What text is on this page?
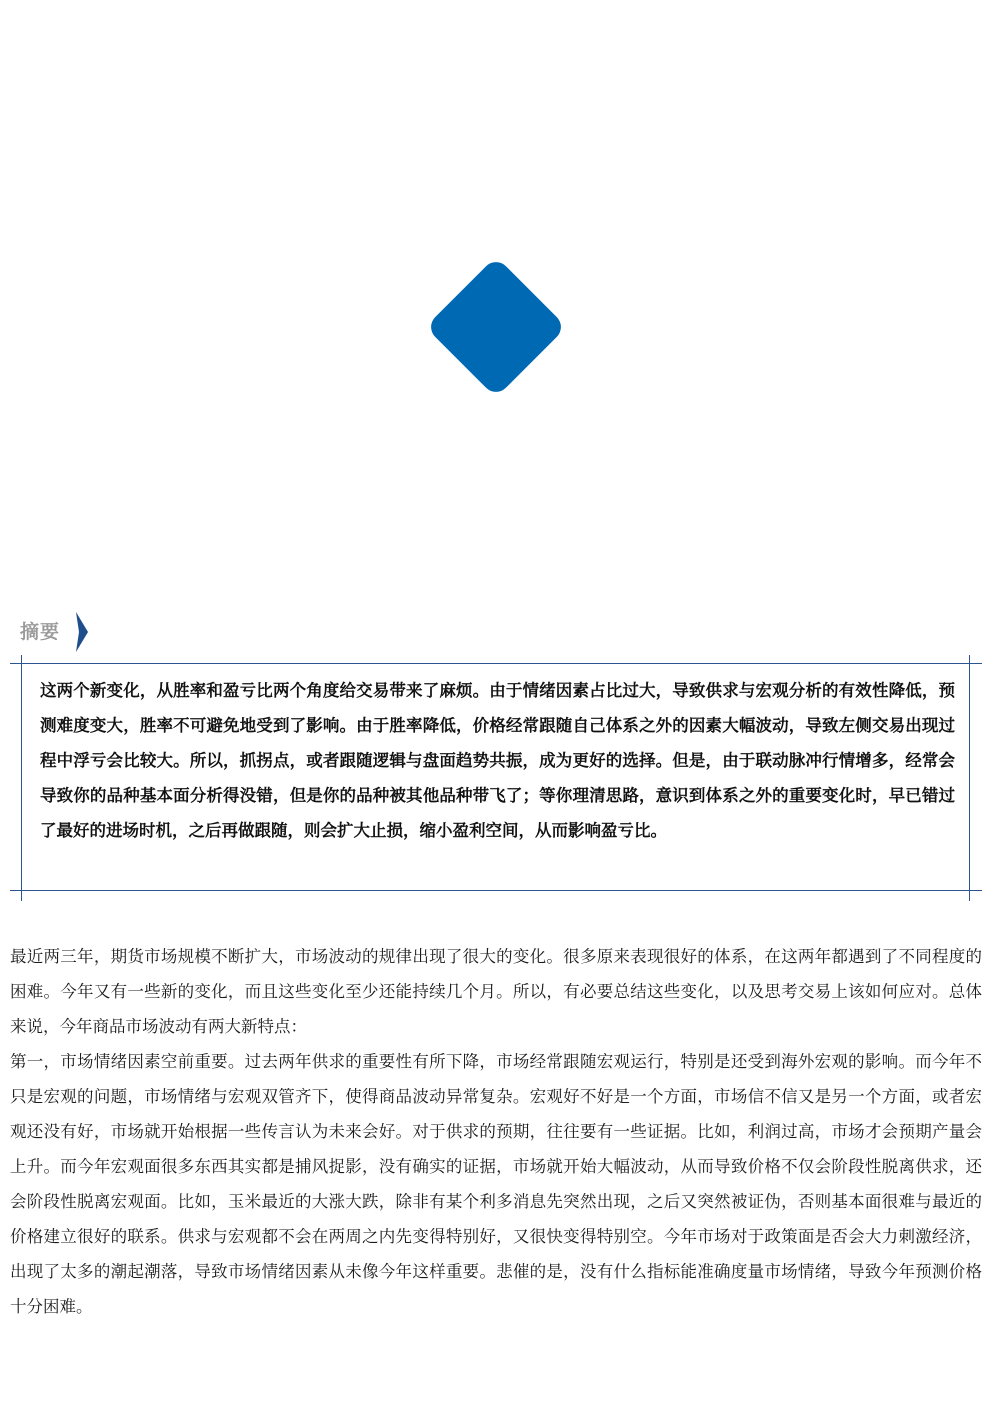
摘要
这两个新变化，从胜率和盈亏比两个角度给交易带来了麻烦。由于情绪因素占比过大，导致供求与宏观分析的有效性降低，预测难度变大，胜率不可避免地受到了影响。由于胜率降低，价格经常跟随自己体系之外的因素大幅波动，导致左侧交易出现过程中浮亏会比较大。所以，抓拐点，或者跟随逻辑与盘面趋势共振，成为更好的选择。但是，由于联动脉冲行情增多，经常会导致你的品种基本面分析得没错，但是你的品种被其他品种带飞了；等你理清思路，意识到体系之外的重要变化时，早已错过了最好的进场时机，之后再做跟随，则会扩大止损，缩小盈利空间，从而影响盈亏比。

最近两三年，期货市场规模不断扩大，市场波动的规律出现了很大的变化。很多原来表现很好的体系，在这两年都遇到了不同程度的困难。今年又有一些新的变化，而且这些变化至少还能持续几个月。所以，有必要总结这些变化，以及思考交易上该如何应对。总体来说，今年商品市场波动有两大新特点：

第一，市场情绪因素空前重要。过去两年供求的重要性有所下降，市场经常跟随宏观运行，特别是还受到海外宏观的影响。而今年不只是宏观的问题，市场情绪与宏观双管齐下，使得商品波动异常复杂。宏观好不好是一个方面，市场信不信又是另一个方面，或者宏观还没有好，市场就开始根据一些传言认为未来会好。对于供求的预期，往往要有一些证据。比如，利润过高，市场才会预期产量会上升。而今年宏观面很多东西其实都是捕风捉影，没有确实的证据，市场就开始大幅波动，从而导致价格不仅会阶段性脱离供求，还会阶段性脱离宏观面。比如，玉米最近的大涨大跌，除非有某个利多消息先突然出现，之后又突然被证伪，否则基本面很难与最近的价格建立很好的联系。供求与宏观都不会在两周之内先变得特别好，又很快变得特别空。今年市场对于政策面是否会大力刺激经济，出现了太多的潮起潮落，导致市场情绪因素从未像今年这样重要。悲催的是，没有什么指标能准确度量市场情绪，导致今年预测价格十分困难。
